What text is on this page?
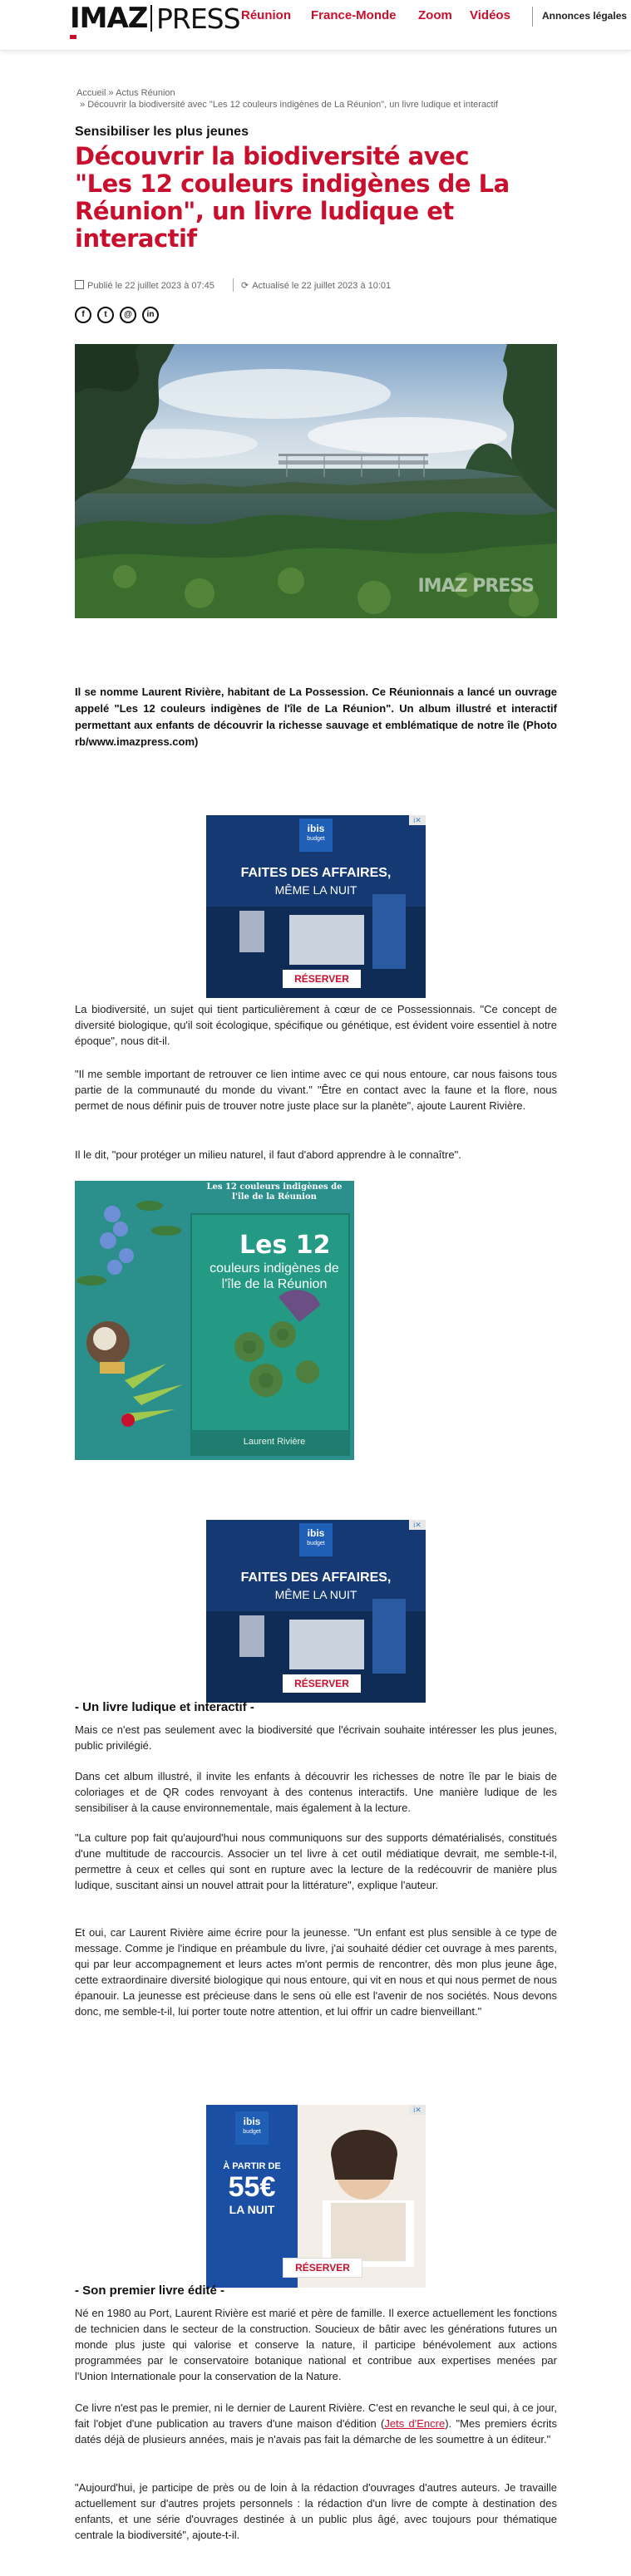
IMAZ PRESS Réunion France-Monde Zoom Vidéos	Annonces légales
Accueil » Actus Réunion
» Découvrir la biodiversité avec "Les 12 couleurs indigènes de La Réunion", un livre ludique et interactif
Sensibiliser les plus jeunes
Découvrir la biodiversité avec "Les 12 couleurs indigènes de La Réunion", un livre ludique et interactif
Publié le 22 juillet 2023 à 07:45	⟳ Actualisé le 22 juillet 2023 à 10:01
f	t	@	in
IMAZ PRESS
Il se nomme Laurent Rivière, habitant de La Possession. Ce Réunionnais a lancé un ouvrage appelé "Les 12 couleurs indigènes de l'île de La Réunion". Un album illustré et interactif permettant aux enfants de découvrir la richesse sauvage et emblématique de notre île (Photo rb/www.imazpress.com)
i✕
ibis
budget
FAITES DES AFFAIRES,
MÊME LA NUIT
RÉSERVER
La biodiversité, un sujet qui tient particulièrement à cœur de ce Possessionnais. "Ce concept de diversité biologique, qu'il soit écologique, spécifique ou génétique, est évident voire essentiel à notre époque", nous dit-il.
"Il me semble important de retrouver ce lien intime avec ce qui nous entoure, car nous faisons tous partie de la communauté du monde du vivant." "Être en contact avec la faune et la flore, nous permet de nous définir puis de trouver notre juste place sur la planète", ajoute Laurent Rivière.
Il le dit, "pour protéger un milieu naturel, il faut d'abord apprendre à le connaître".
Les 12 couleurs indigènes de l'île de la Réunion
Les 12
couleurs indigènes de l'île de la Réunion
Laurent Rivière
i✕
ibis
budget
FAITES DES AFFAIRES,
MÊME LA NUIT
RÉSERVER
- Un livre ludique et interactif -
Mais ce n'est pas seulement avec la biodiversité que l'écrivain souhaite intéresser les plus jeunes, public privilégié.
Dans cet album illustré, il invite les enfants à découvrir les richesses de notre île par le biais de coloriages et de QR codes renvoyant à des contenus interactifs. Une manière ludique de les sensibiliser à la cause environnementale, mais également à la lecture.
"La culture pop fait qu'aujourd'hui nous communiquons sur des supports dématérialisés, constitués d'une multitude de raccourcis. Associer un tel livre à cet outil médiatique devrait, me semble-t-il, permettre à ceux et celles qui sont en rupture avec la lecture de la redécouvrir de manière plus ludique, suscitant ainsi un nouvel attrait pour la littérature", explique l'auteur.
Et oui, car Laurent Rivière aime écrire pour la jeunesse. "Un enfant est plus sensible à ce type de message. Comme je l'indique en préambule du livre, j'ai souhaité dédier cet ouvrage à mes parents, qui par leur accompagnement et leurs actes m'ont permis de rencontrer, dès mon plus jeune âge, cette extraordinaire diversité biologique qui nous entoure, qui vit en nous et qui nous permet de nous épanouir. La jeunesse est précieuse dans le sens où elle est l'avenir de nos sociétés. Nous devons donc, me semble-t-il, lui porter toute notre attention, et lui offrir un cadre bienveillant."
i✕
ibis
budget
À PARTIR DE
55€
LA NUIT
RÉSERVER
- Son premier livre édité -
Né en 1980 au Port, Laurent Rivière est marié et père de famille. Il exerce actuellement les fonctions de technicien dans le secteur de la construction. Soucieux de bâtir avec les générations futures un monde plus juste qui valorise et conserve la nature, il participe bénévolement aux actions programmées par le conservatoire botanique national et contribue aux expertises menées par l'Union Internationale pour la conservation de la Nature.
Ce livre n'est pas le premier, ni le dernier de Laurent Rivière. C'est en revanche le seul qui, à ce jour, fait l'objet d'une publication au travers d'une maison d'édition (Jets d'Encre). "Mes premiers écrits datés déjà de plusieurs années, mais je n'avais pas fait la démarche de les soumettre à un éditeur."
"Aujourd'hui, je participe de près ou de loin à la rédaction d'ouvrages d'autres auteurs. Je travaille actuellement sur d'autres projets personnels : la rédaction d'un livre de compte à destination des enfants, et une série d'ouvrages destinée à un public plus âgé, avec toujours pour thématique centrale la biodiversité", ajoute-t-il.
